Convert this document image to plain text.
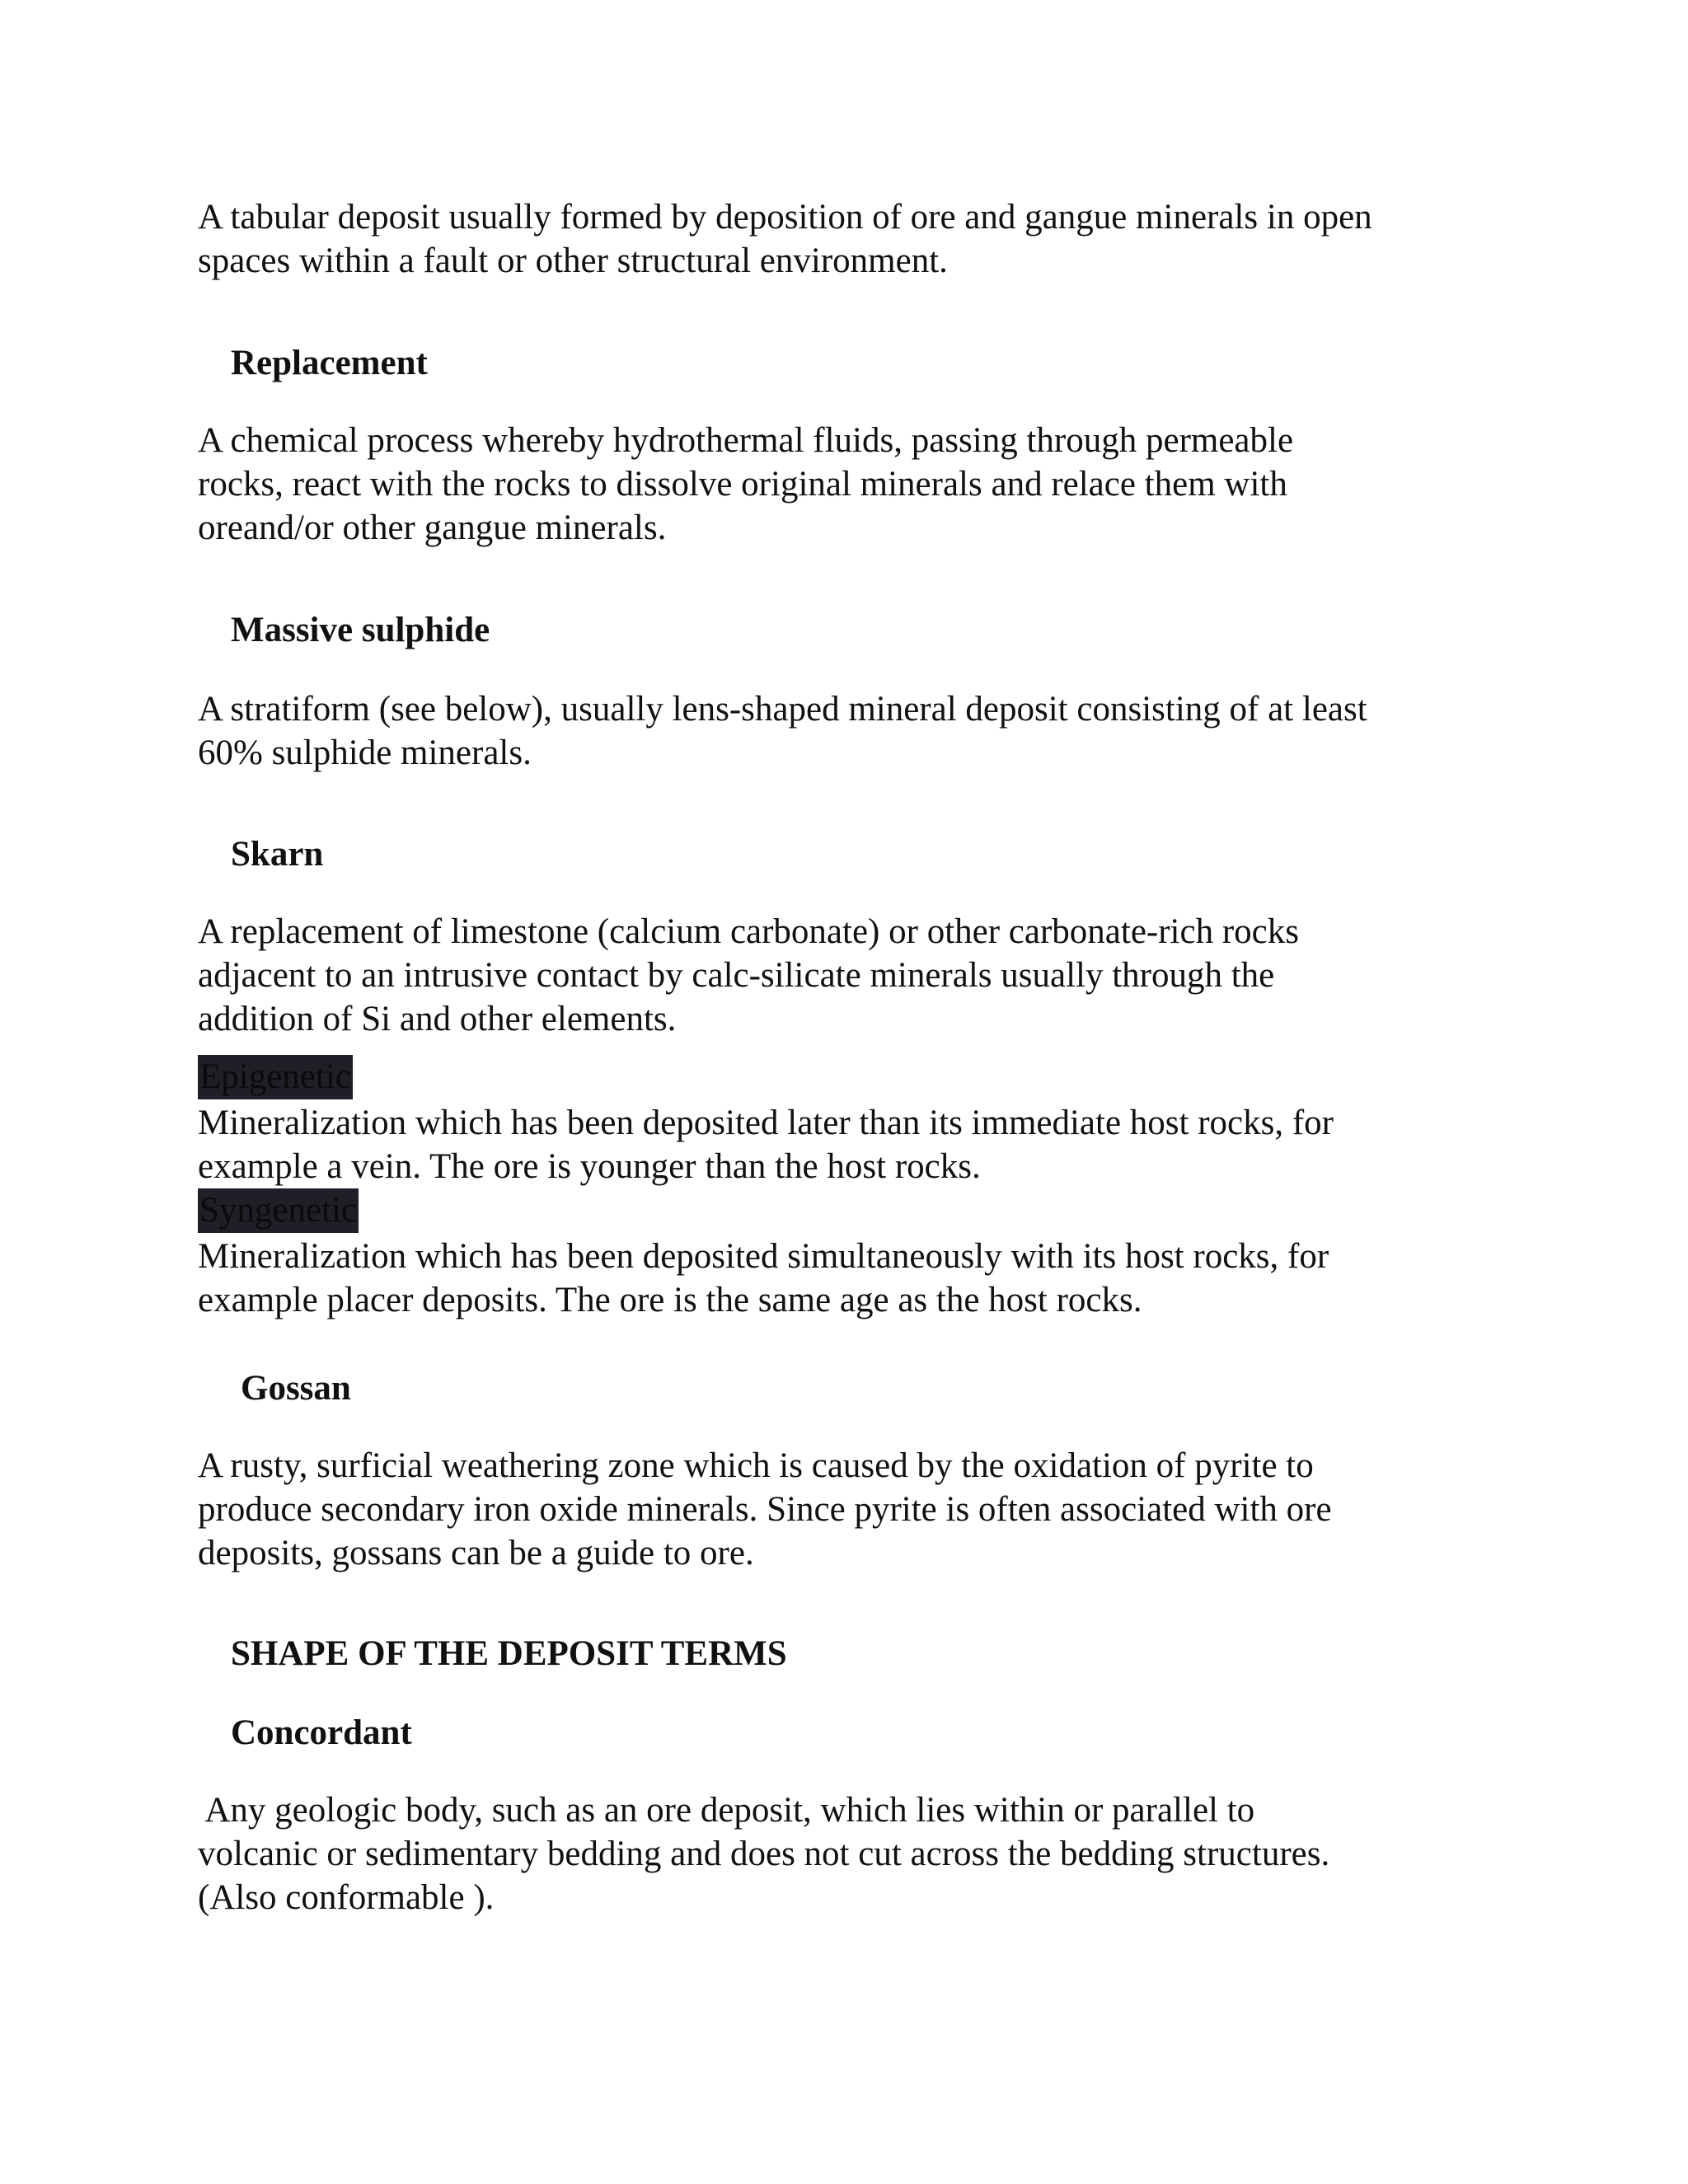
A tabular deposit usually formed by deposition of ore and gangue minerals in open
spaces within a fault or other structural environment.
Replacement
A chemical process whereby hydrothermal fluids, passing through permeable
rocks, react with the rocks to dissolve original minerals and relace them with
oreand/or other gangue minerals.
Massive sulphide
A stratiform (see below), usually lens-shaped mineral deposit consisting of at least
60% sulphide minerals.
Skarn
A replacement of limestone (calcium carbonate) or other carbonate-rich rocks
adjacent to an intrusive contact by calc-silicate minerals usually through the
addition of Si and other elements.
Epigenetic
Mineralization which has been deposited later than its immediate host rocks, for
example a vein. The ore is younger than the host rocks.
Syngenetic
Mineralization which has been deposited simultaneously with its host rocks, for
example placer deposits. The ore is the same age as the host rocks.
Gossan
A rusty, surficial weathering zone which is caused by the oxidation of pyrite to
produce secondary iron oxide minerals. Since pyrite is often associated with ore
deposits, gossans can be a guide to ore.
SHAPE OF THE DEPOSIT TERMS
Concordant
Any geologic body, such as an ore deposit, which lies within or parallel to
volcanic or sedimentary bedding and does not cut across the bedding structures.
(Also conformable ).
